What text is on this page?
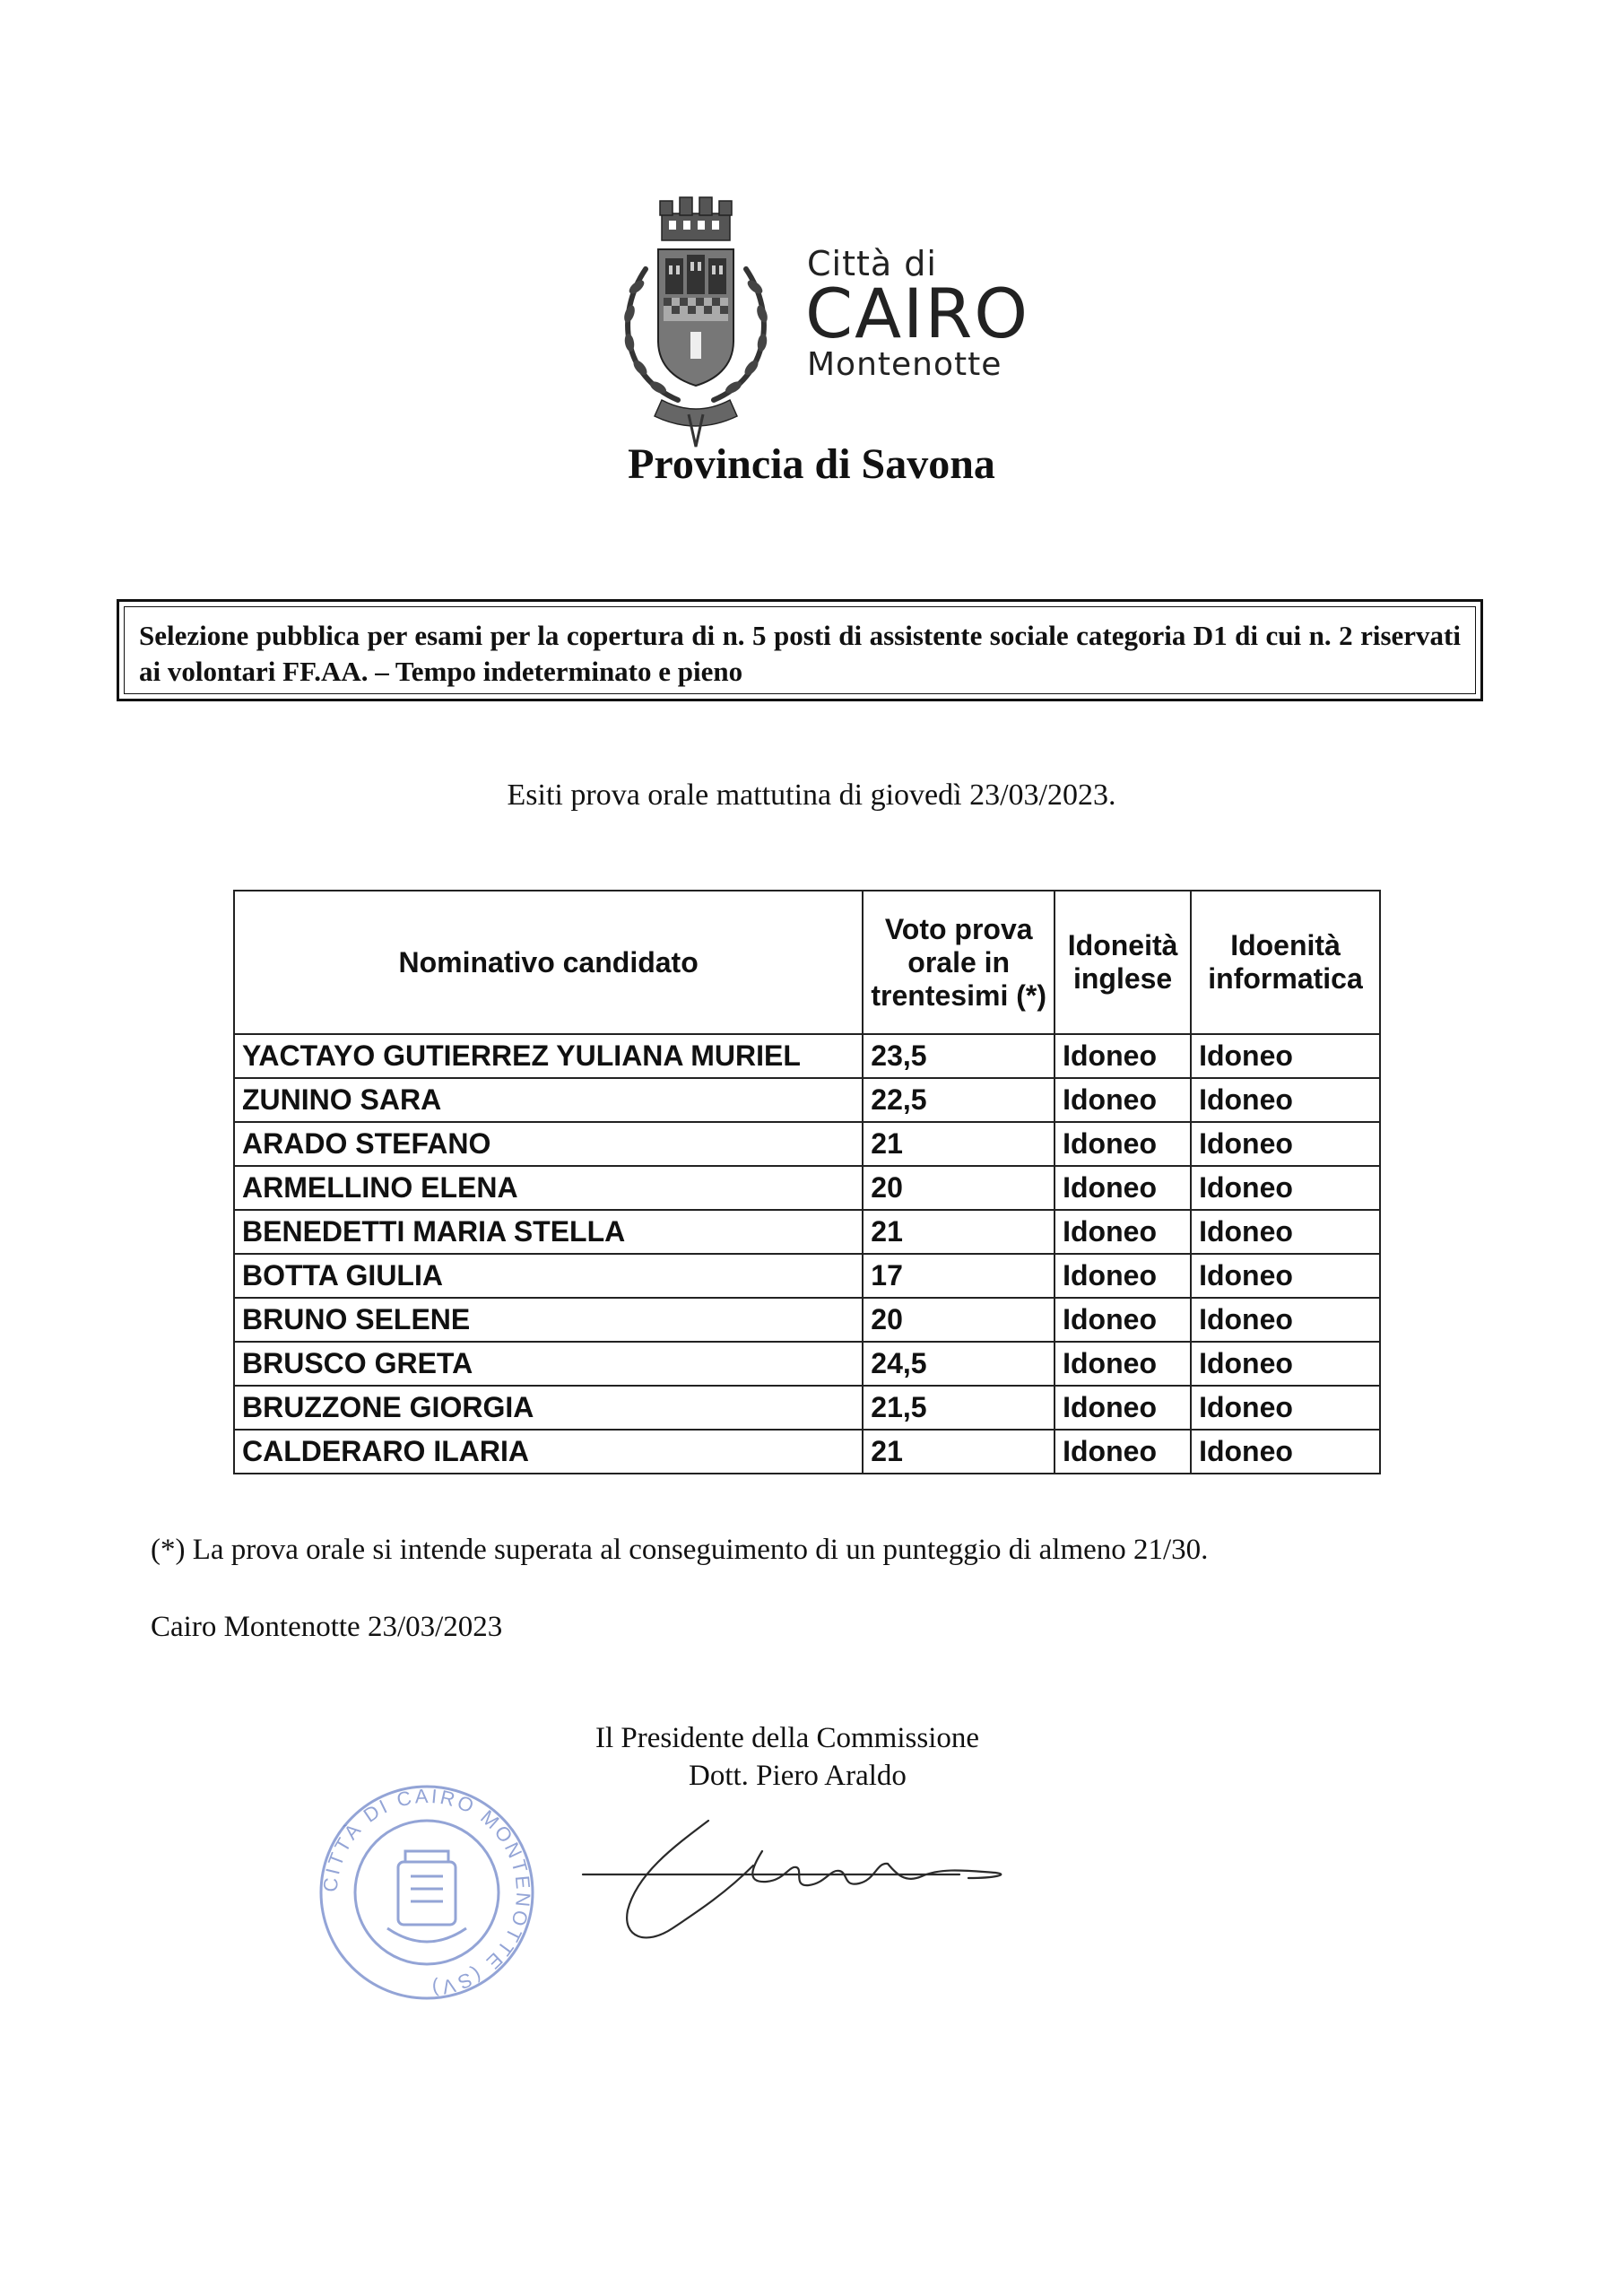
Città di
CAIRO
Montenotte
Provincia di Savona
Selezione pubblica per esami per la copertura di n. 5 posti di assistente sociale categoria D1 di cui n. 2 riservati ai volontari FF.AA. – Tempo indeterminato e pieno
Esiti prova orale mattutina di giovedì 23/03/2023.
Nominativo candidato	Voto prova orale in trentesimi (*)	Idoneità inglese	Idoenità informatica
YACTAYO GUTIERREZ YULIANA MURIEL	23,5	Idoneo	Idoneo
ZUNINO SARA	22,5	Idoneo	Idoneo
ARADO STEFANO	21	Idoneo	Idoneo
ARMELLINO ELENA	20	Idoneo	Idoneo
BENEDETTI MARIA STELLA	21	Idoneo	Idoneo
BOTTA GIULIA	17	Idoneo	Idoneo
BRUNO SELENE	20	Idoneo	Idoneo
BRUSCO GRETA	24,5	Idoneo	Idoneo
BRUZZONE GIORGIA	21,5	Idoneo	Idoneo
CALDERARO ILARIA	21	Idoneo	Idoneo
(*) La prova orale si intende superata al conseguimento di un punteggio di almeno 21/30.
Cairo Montenotte 23/03/2023
Il Presidente della Commissione
Dott. Piero Araldo
CITTÀ DI CAIRO MONTENOTTE (SV)
